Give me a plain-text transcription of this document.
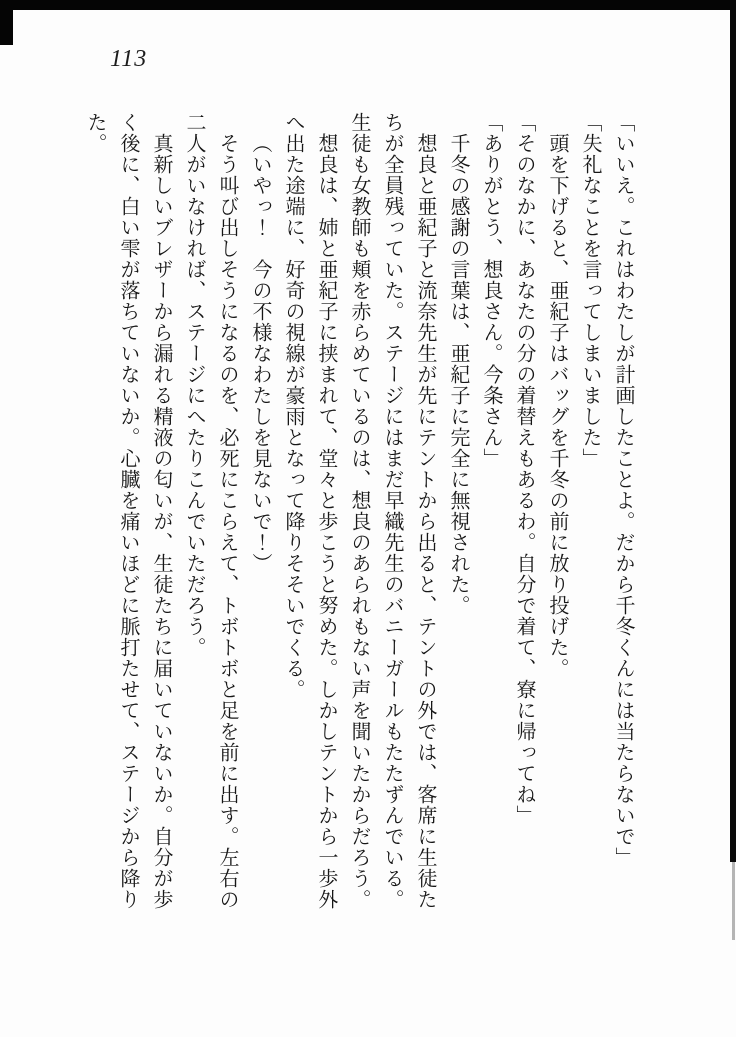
113

「いいえ。これはわたしが計画したことよ。だから千冬くんには当たらないで」

「失礼なことを言ってしまいました」

頭を下げると、亜紀子はバッグを千冬の前に放り投げた。

「そのなかに、あなたの分の着替えもあるわ。自分で着て、寮に帰ってね」

「ありがとう、想良さん。今条さん」

千冬の感謝の言葉は、亜紀子に完全に無視された。

想良と亜紀子と流奈先生が先にテントから出ると、テントの外では、客席に生徒た

ちが全員残っていた。ステージにはまだ早織先生のバニーガールもたたずんでいる。

生徒も女教師も頬を赤らめているのは、想良のあられもない声を聞いたからだろう。

想良は、姉と亜紀子に挟まれて、堂々と歩こうと努めた。しかしテントから一歩外

へ出た途端に、好奇の視線が豪雨となって降りそそいでくる。

（いやっ！　今の不様なわたしを見ないで！）

そう叫び出しそうになるのを、必死にこらえて、トボトボと足を前に出す。左右の

二人がいなければ、ステージにへたりこんでいただろう。

真新しいブレザーから漏れる精液の匂いが、生徒たちに届いていないか。自分が歩

く後に、白い雫が落ちていないか。心臓を痛いほどに脈打たせて、ステージから降り

た。
